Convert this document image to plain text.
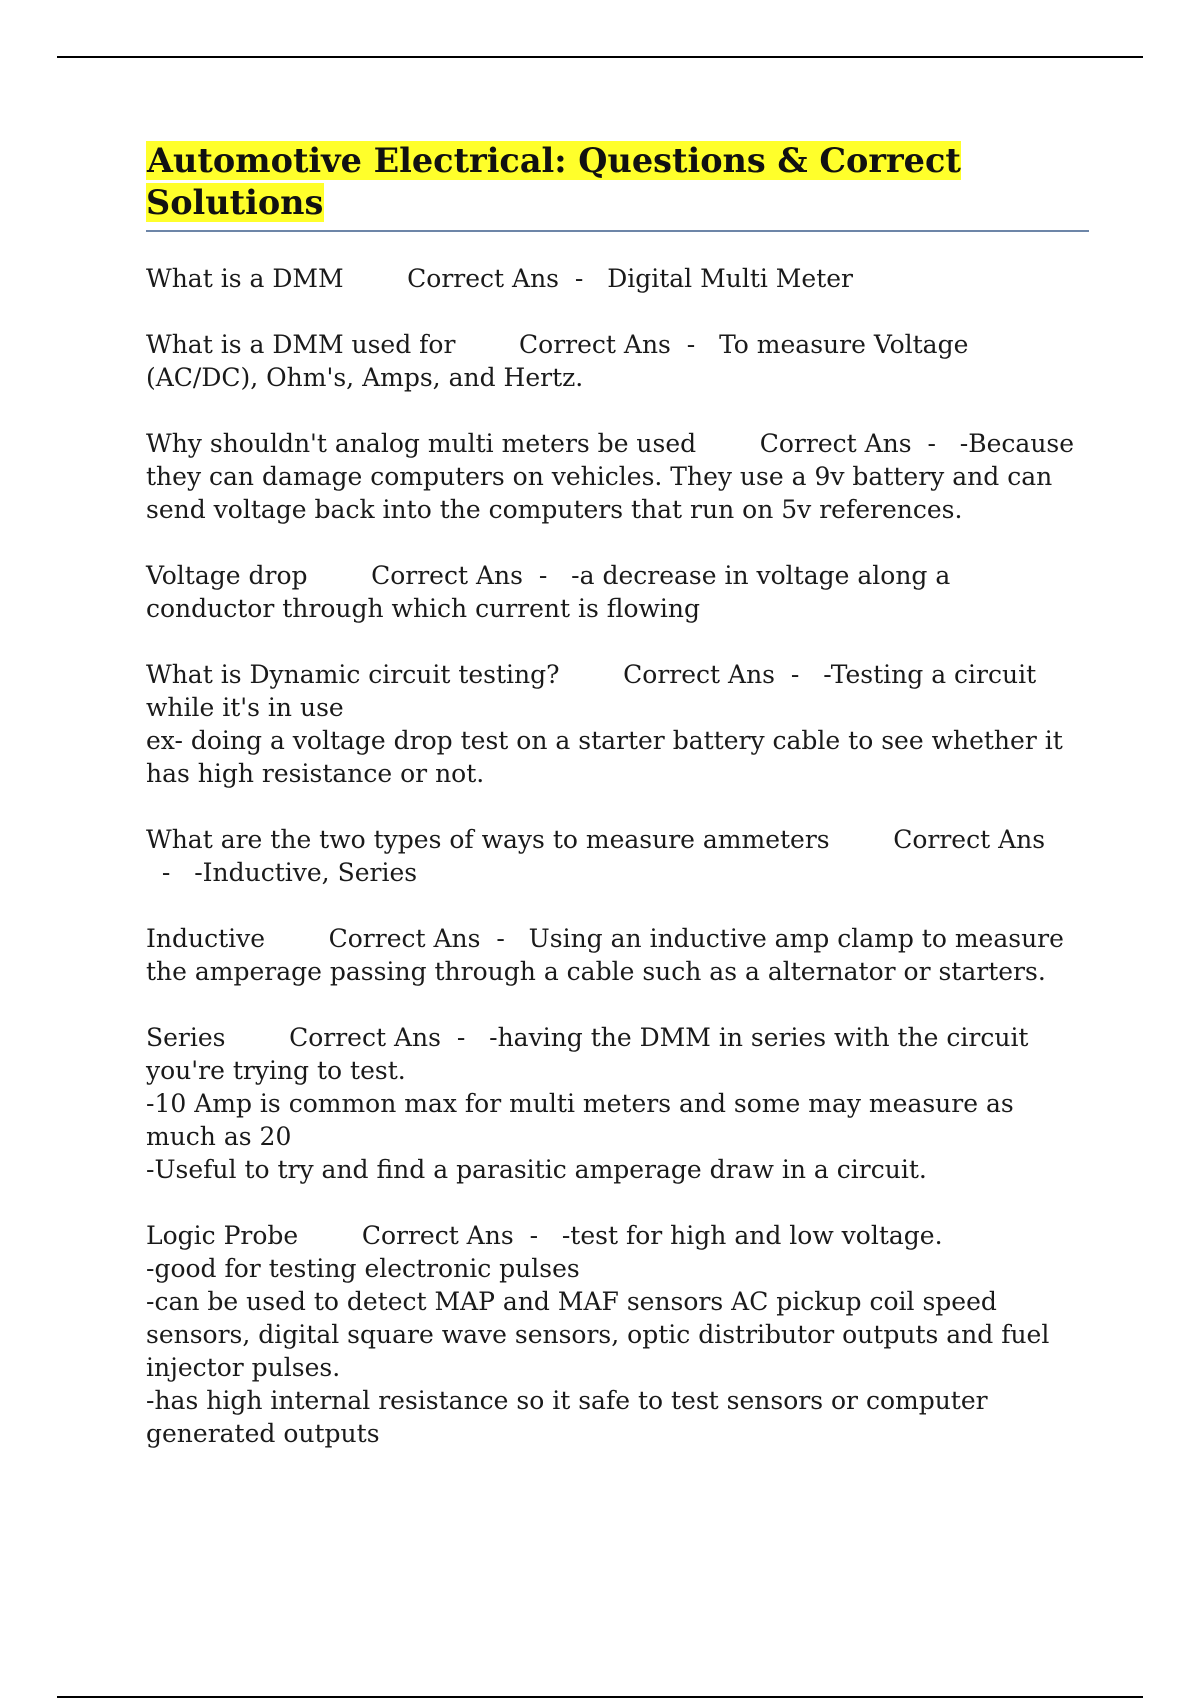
Automotive Electrical: Questions & Correct Solutions
What is a DMM	Correct Ans  -   Digital Multi Meter
What is a DMM used for	Correct Ans  -   To measure Voltage (AC/DC), Ohm's, Amps, and Hertz.
Why shouldn't analog multi meters be used	Correct Ans  -   -Because they can damage computers on vehicles. They use a 9v battery and can send voltage back into the computers that run on 5v references.
Voltage drop	Correct Ans  -   -a decrease in voltage along a conductor through which current is flowing
What is Dynamic circuit testing?	Correct Ans  -   -Testing a circuit while it's in use
ex- doing a voltage drop test on a starter battery cable to see whether it has high resistance or not.
What are the two types of ways to measure ammeters	Correct Ans  -   -Inductive, Series
Inductive	Correct Ans  -   Using an inductive amp clamp to measure the amperage passing through a cable such as a alternator or starters.
Series	Correct Ans  -   -having the DMM in series with the circuit you're trying to test.
-10 Amp is common max for multi meters and some may measure as much as 20
-Useful to try and find a parasitic amperage draw in a circuit.
Logic Probe	Correct Ans  -   -test for high and low voltage.
-good for testing electronic pulses
-can be used to detect MAP and MAF sensors AC pickup coil speed sensors, digital square wave sensors, optic distributor outputs and fuel injector pulses.
-has high internal resistance so it safe to test sensors or computer generated outputs
